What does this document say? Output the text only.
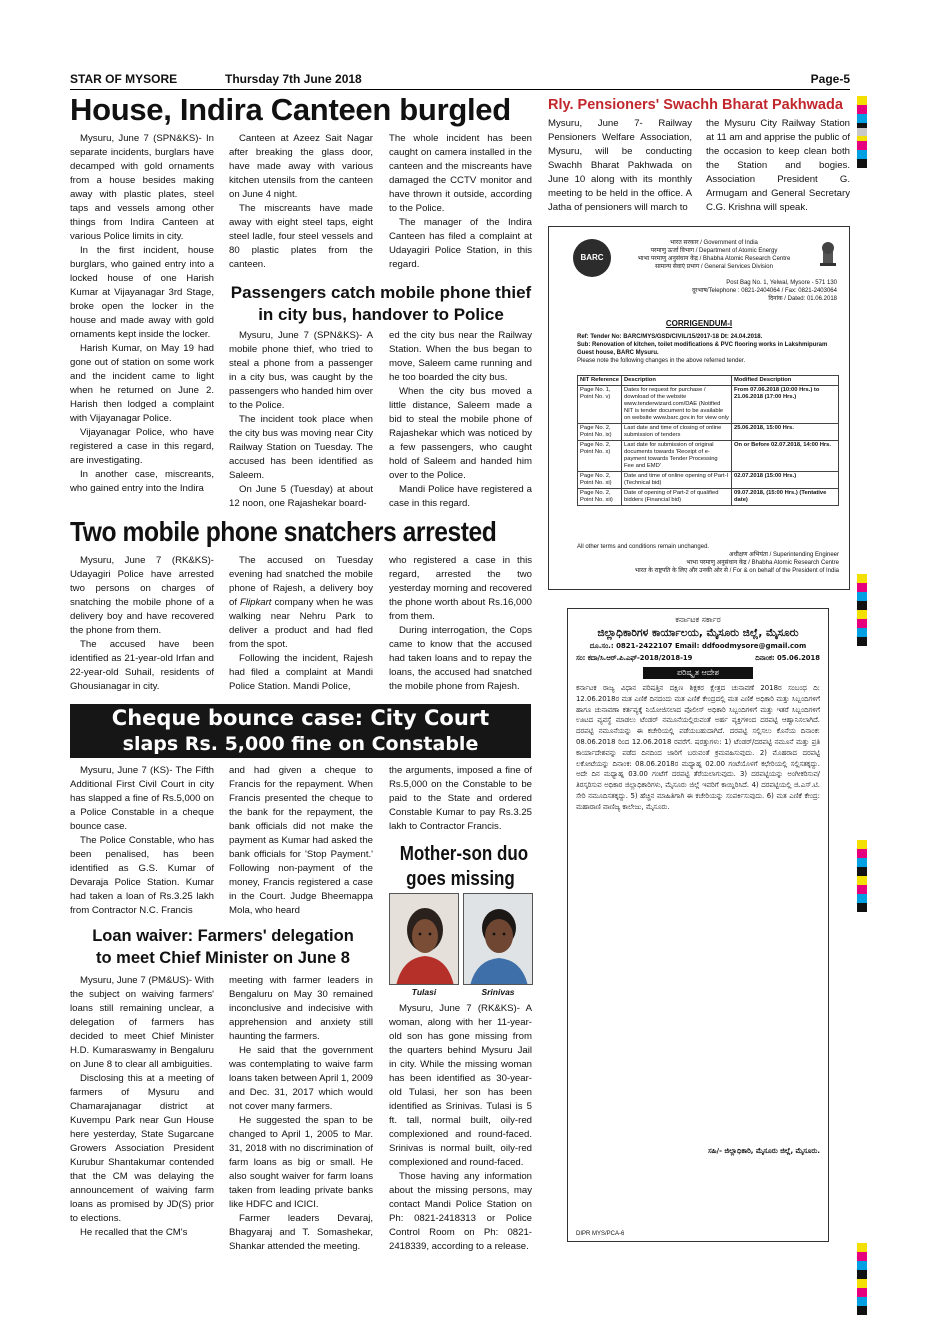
STAR OF MYSORE	Thursday 7th June 2018	Page-5
House, Indira Canteen burgled

Mysuru, June 7 (SPN&KS)- In separate incidents, burglars have decamped with gold ornaments from a house besides making away with plastic plates, steel taps and vessels among other things from Indira Canteen at various Police limits in city.

In the first incident, house burglars, who gained entry into a locked house of one Harish Kumar at Vijayanagar 3rd Stage, broke open the locker in the house and made away with gold ornaments kept inside the locker.

Harish Kumar, on May 19 had gone out of station on some work and the incident came to light when he returned on June 2. Harish then lodged a complaint with Vijayanagar Police.

Vijayanagar Police, who have registered a case in this regard, are investigating.

In another case, miscreants, who gained entry into the Indira

Canteen at Azeez Sait Nagar after breaking the glass door, have made away with various kitchen utensils from the canteen on June 4 night.

The miscreants have made away with eight steel taps, eight steel ladle, four steel vessels and 80 plastic plates from the canteen.

The whole incident has been caught on camera installed in the canteen and the miscreants have damaged the CCTV monitor and have thrown it outside, according to the Police.

The manager of the Indira Canteen has filed a complaint at Udayagiri Police Station, in this regard.

Passengers catch mobile phone thief
in city bus, handover to Police

Mysuru, June 7 (SPN&KS)- A mobile phone thief, who tried to steal a phone from a passenger in a city bus, was caught by the passengers who handed him over to the Police.

The incident took place when the city bus was moving near City Railway Station on Tuesday. The accused has been identified as Saleem.

On June 5 (Tuesday) at about 12 noon, one Rajashekar board-

ed the city bus near the Railway Station. When the bus began to move, Saleem came running and he too boarded the city bus.

When the city bus moved a little distance, Saleem made a bid to steal the mobile phone of Rajashekar which was noticed by a few passengers, who caught hold of Saleem and handed him over to the Police.

Mandi Police have registered a case in this regard.

Two mobile phone snatchers arrested

Mysuru, June 7 (RK&KS)- Udayagiri Police have arrested two persons on charges of snatching the mobile phone of a delivery boy and have recovered the phone from them.

The accused have been identified as 21-year-old Irfan and 22-year-old Suhail, residents of Ghousianagar in city.

The accused on Tuesday evening had snatched the mobile phone of Rajesh, a delivery boy of Flipkart company when he was walking near Nehru Park to deliver a product and had fled from the spot.

Following the incident, Rajesh had filed a complaint at Mandi Police Station. Mandi Police,

who registered a case in this regard, arrested the two yesterday morning and recovered the phone worth about Rs.16,000 from them.

During interrogation, the Cops came to know that the accused had taken loans and to repay the loans, the accused had snatched the mobile phone from Rajesh.

Cheque bounce case: City Court
slaps Rs. 5,000 fine on Constable

Mysuru, June 7 (KS)- The Fifth Additional First Civil Court in city has slapped a fine of Rs.5,000 on a Police Constable in a cheque bounce case.

The Police Constable, who has been penalised, has been identified as G.S. Kumar of Devaraja Police Station. Kumar had taken a loan of Rs.3.25 lakh from Contractor N.C. Francis

and had given a cheque to Francis for the repayment. When Francis presented the cheque to the bank for the repayment, the bank officials did not make the payment as Kumar had asked the bank officials for 'Stop Payment.' Following non-payment of the money, Francis registered a case in the Court. Judge Bheemappa Mola, who heard

the arguments, imposed a fine of Rs.5,000 on the Constable to be paid to the State and ordered Constable Kumar to pay Rs.3.25 lakh to Contractor Francis.

Mother-son duo
goes missing
Tulasi	Srinivas

Mysuru, June 7 (RK&KS)- A woman, along with her 11-year-old son has gone missing from the quarters behind Mysuru Jail in city. While the missing woman has been identified as 30-year-old Tulasi, her son has been identified as Srinivas. Tulasi is 5 ft. tall, normal built, oily-red complexioned and round-faced. Srinivas is normal built, oily-red complexioned and round-faced.

Those having any information about the missing persons, may contact Mandi Police Station on Ph: 0821-2418313 or Police Control Room on Ph: 0821-2418339, according to a release.

Loan waiver: Farmers' delegation
to meet Chief Minister on June 8

Mysuru, June 7 (PM&US)- With the subject on waiving farmers' loans still remaining unclear, a delegation of farmers has decided to meet Chief Minister H.D. Kumaraswamy in Bengaluru on June 8 to clear all ambiguities.

Disclosing this at a meeting of farmers of Mysuru and Chamarajanagar district at Kuvempu Park near Gun House here yesterday, State Sugarcane Growers Association President Kurubur Shantakumar contended that the CM was delaying the announcement of waiving farm loans as promised by JD(S) prior to elections.

He recalled that the CM's

meeting with farmer leaders in Bengaluru on May 30 remained inconclusive and indecisive with apprehension and anxiety still haunting the farmers.

He said that the government was contemplating to waive farm loans taken between April 1, 2009 and Dec. 31, 2017 which would not cover many farmers.

He suggested the span to be changed to April 1, 2005 to Mar. 31, 2018 with no discrimination of farm loans as big or small. He also sought waiver for farm loans taken from leading private banks like HDFC and ICICI.

Farmer leaders Devaraj, Bhagyaraj and T. Somashekar, Shankar attended the meeting.

Rly. Pensioners' Swachh Bharat Pakhwada

Mysuru, June 7- Railway Pensioners Welfare Association, Mysuru, will be conducting Swachh Bharat Pakhwada on June 10 along with its monthly meeting to be held in the office. A Jatha of pensioners will march to

the Mysuru City Railway Station at 11 am and apprise the public of the occasion to keep clean both the Station and bogies. Association President G. Armugam and General Secretary C.G. Krishna will speak.

BARC
भारत सरकार / Government of India
परमाणु ऊर्जा विभाग / Department of Atomic Energy
भाभा परमाणु अनुसंधान केंद्र / Bhabha Atomic Research Centre
सामान्य सेवाएं प्रभाग / General Services Division
Post Bag No. 1, Yelwal, Mysore - 571 130
दूरभाष/Telephone : 0821-2404064 / Fax: 0821-2403064
दिनांक / Dated: 01.06.2018
CORRIGENDUM-I
Ref: Tender No: BARC/MYS/GSD/CIVIL/15/2017-18 Dt: 24.04.2018.
Sub: Renovation of kitchen, toilet modifications & PVC flooring works in Lakshmipuram Guest house, BARC Mysuru.
Please note the following changes in the above referred tender.
NIT Reference	Description	Modified Description
Page No. 1, Point No. v)	Dates for request for purchase / download of the website www.tenderwizard.com/DAE (Notified NIT is tender document to be available on website www.barc.gov.in for view only	From 07.06.2018 (10:00 Hrs.) to 21.06.2018 (17:00 Hrs.)
Page No. 2, Point No. ix)	Last date and time of closing of online submission of tenders	25.06.2018, 15:00 Hrs.
Page No. 2, Point No. x)	Last date for submission of original documents towards 'Receipt of e-payment towards Tender Processing Fee and EMD'	On or Before 02.07.2018, 14:00 Hrs.
Page No. 2, Point No. xi)	Date and time of online opening of Part-I (Technical bid)	02.07.2018 (15:00 Hrs.)
Page No. 2, Point No. xii)	Date of opening of Part-2 of qualified bidders (Financial bid)	09.07.2018, (15:00 Hrs.) (Tentative date)
All other terms and conditions remain unchanged.
अधीक्षण अभियंता / Superintending Engineer
भाभा परमाणु अनुसंधान केंद्र / Bhabha Atomic Research Centre
भारत के राष्ट्रपति के लिए और उनकी ओर से / For & on behalf of the President of India
ಕರ್ನಾಟಕ ಸರ್ಕಾರ
ಜಿಲ್ಲಾಧಿಕಾರಿಗಳ ಕಾರ್ಯಾಲಯ, ಮೈಸೂರು ಜಿಲ್ಲೆ, ಮೈಸೂರು
ದೂ.ಸಂ.: 0821-2422107 Email: ddfoodmysore@gmail.com
ಸಂ: ಕದಾ/ಸಿ.ಆರ್.ಪಿ.ಎಫ್-2018/2018-19	ದಿನಾಂಕ: 05.06.2018
ಪರಿಷ್ಕೃತ ಆದೇಶ
ಕರ್ನಾಟಕ ರಾಜ್ಯ ವಿಧಾನ ಪರಿಷತ್ತಿನ ದಕ್ಷಿಣ ಶಿಕ್ಷಕರ ಕ್ಷೇತ್ರದ ಚುನಾವಣೆ 2018ರ ಸಂಬಂಧ ದಿ: 12.06.2018ರ ಮತ ಎಣಿಕೆ ದಿನದಂದು ಮತ ಎಣಿಕೆ ಕೇಂದ್ರದಲ್ಲಿ ಮತ ಎಣಿಕೆ ಅಧಿಕಾರಿ ಮತ್ತು ಸಿಬ್ಬಂದಿಗಳಿಗೆ ಹಾಗೂ ಚುನಾವಣಾ ಕರ್ತವ್ಯಕ್ಕೆ ನಿಯೋಜಿಸಲಾದ ಪೊಲೀಸ್ ಅಧಿಕಾರಿ ಸಿಬ್ಬಂದಿಗಳಿಗೆ ಮತ್ತು ಇತರೆ ಸಿಬ್ಬಂದಿಗಳಿಗೆ ಊಟದ ವ್ಯವಸ್ಥೆ ಮಾಡಲು ಟೆಂಡರ್ ನಮೂನೆಯಲ್ಲಿರುವಂತೆ ಅರ್ಹ ವ್ಯಕ್ತಿಗಳಿಂದ ದರಪಟ್ಟಿ ಆಹ್ವಾನಿಸಲಾಗಿದೆ. ದರಪಟ್ಟಿ ನಮೂನೆಯನ್ನು ಈ ಕಚೇರಿಯಲ್ಲಿ ಪಡೆಯಬಹುದಾಗಿದೆ. ದರಪಟ್ಟಿ ಸಲ್ಲಿಸಲು ಕೊನೆಯ ದಿನಾಂಕ: 08.06.2018 ರಿಂದ 12.06.2018 ರವರೆಗೆ. ಷರತ್ತುಗಳು: 1) ಟೆಂಡರ್/ದರಪಟ್ಟಿ ನಮೂನೆ ಮತ್ತು ಪ್ರತಿ ಕಾರ್ಯಾದೇಶವನ್ನು ಪಡೆದ ದಿನದಿಂದ ಜಾರಿಗೆ ಬರುವಂತೆ ಕ್ರಮವಹಿಸುವುದು. 2) ಮೊಹರಾದ ದರಪಟ್ಟಿ ಲಕೋಟೆಯನ್ನು ದಿನಾಂಕ: 08.06.2018ರ ಮಧ್ಯಾಹ್ನ 02.00 ಗಂಟೆಯೊಳಗೆ ಕಛೇರಿಯಲ್ಲಿ ಸಲ್ಲಿಸತಕ್ಕದ್ದು. ಅದೇ ದಿನ ಮಧ್ಯಾಹ್ನ 03.00 ಗಂಟೆಗೆ ದರಪಟ್ಟಿ ತೆರೆಯಲಾಗುವುದು. 3) ದರಪಟ್ಟಿಯನ್ನು ಅಂಗೀಕರಿಸುವ/ತಿರಸ್ಕರಿಸುವ ಅಧಿಕಾರ ಜಿಲ್ಲಾಧಿಕಾರಿಗಳು, ಮೈಸೂರು ಜಿಲ್ಲೆ ಇವರಿಗೆ ಕಾಯ್ದಿರಿಸಿದೆ. 4) ದರಪಟ್ಟಿಯಲ್ಲಿ ಜಿ.ಎಸ್.ಟಿ. ಸೇರಿ ನಮೂದಿಸತಕ್ಕದ್ದು. 5) ಹೆಚ್ಚಿನ ಮಾಹಿತಿಗಾಗಿ ಈ ಕಚೇರಿಯನ್ನು ಸಂಪರ್ಕಿಸುವುದು. 6) ಮತ ಎಣಿಕೆ ಕೇಂದ್ರ: ಮಹಾರಾಣಿ ವಾಣಿಜ್ಯ ಕಾಲೇಜು, ಮೈಸೂರು.
ಸಹಿ/- ಜಿಲ್ಲಾಧಿಕಾರಿ, ಮೈಸೂರು ಜಿಲ್ಲೆ, ಮೈಸೂರು.
DIPR MYS/PCA-6
